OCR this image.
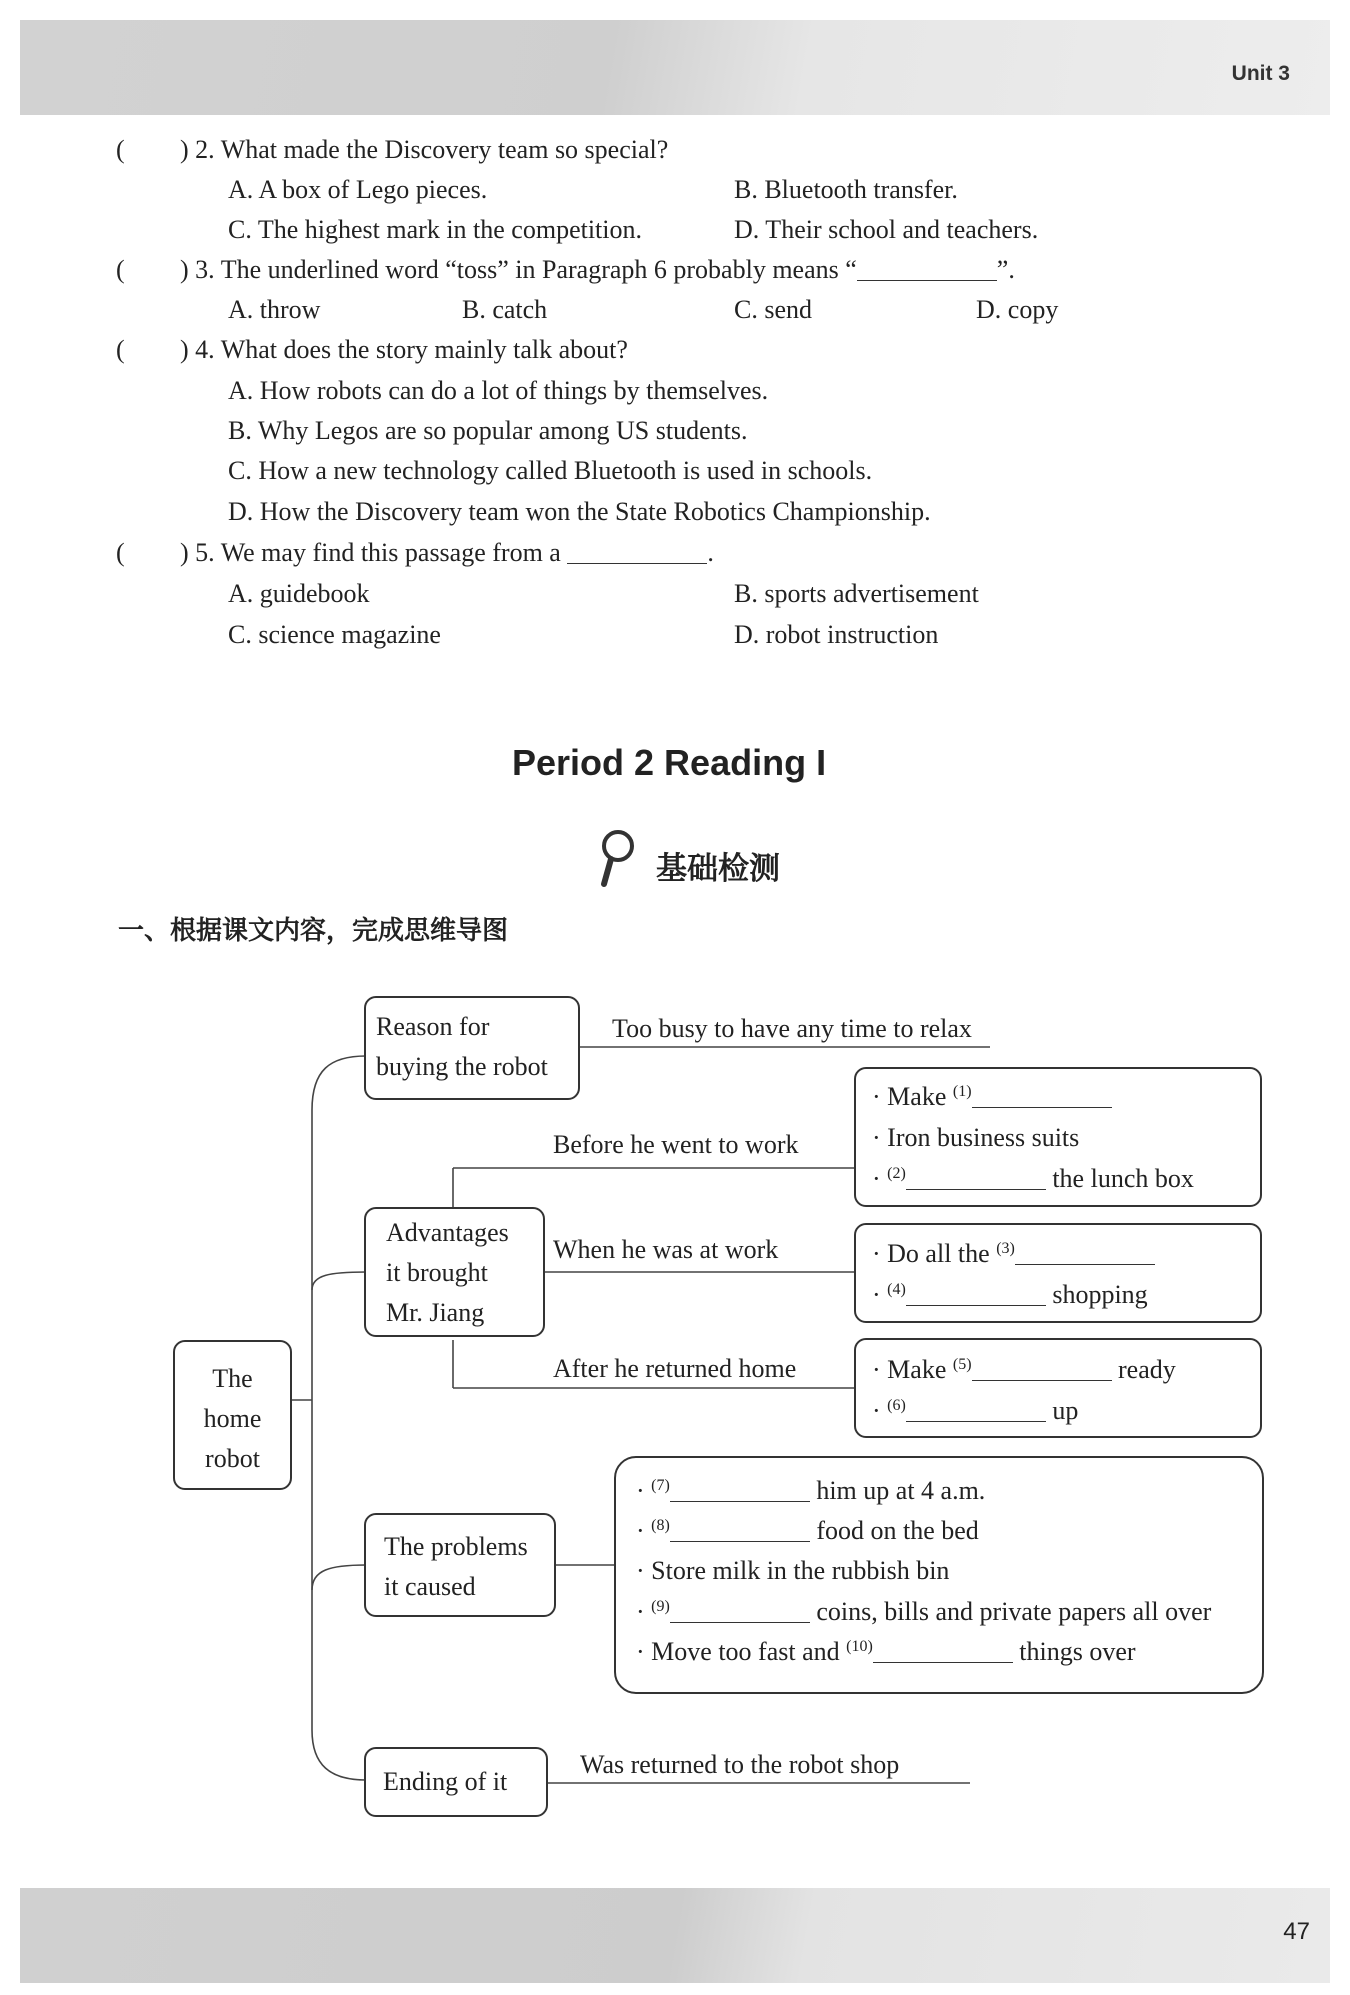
Unit 3
( ) 2. What made the Discovery team so special?
A. A box of Lego pieces.	B. Bluetooth transfer.
C. The highest mark in the competition.	D. Their school and teachers.
( ) 3. The underlined word “toss” in Paragraph 6 probably means “	”.
A. throw	B. catch	C. send	D. copy
( ) 4. What does the story mainly talk about?
A. How robots can do a lot of things by themselves.
B. Why Legos are so popular among US students.
C. How a new technology called Bluetooth is used in schools.
D. How the Discovery team won the State Robotics Championship.
( ) 5. We may find this passage from a	.
A. guidebook	B. sports advertisement
C. science magazine	D. robot instruction
Period 2 Reading I
基础检测
一、根据课文内容，完成思维导图
The
home
robot
Reason for
buying the robot
Too busy to have any time to relax
Advantages
it brought
Mr. Jiang
Before he went to work
When he was at work
After he returned home
· Make $^{(1)}$
· Iron business suits
· $^{(2)}$	the lunch box
· Do all the $^{(3)}$
· $^{(4)}$	shopping
· Make $^{(5)}$	ready
· $^{(6)}$	up
The problems
it caused
· $^{(7)}$	him up at 4 a.m.
· $^{(8)}$	food on the bed
· Store milk in the rubbish bin
· $^{(9)}$	coins, bills and private papers all over
· Move too fast and $^{(10)}$	things over
Ending of it
Was returned to the robot shop
47
